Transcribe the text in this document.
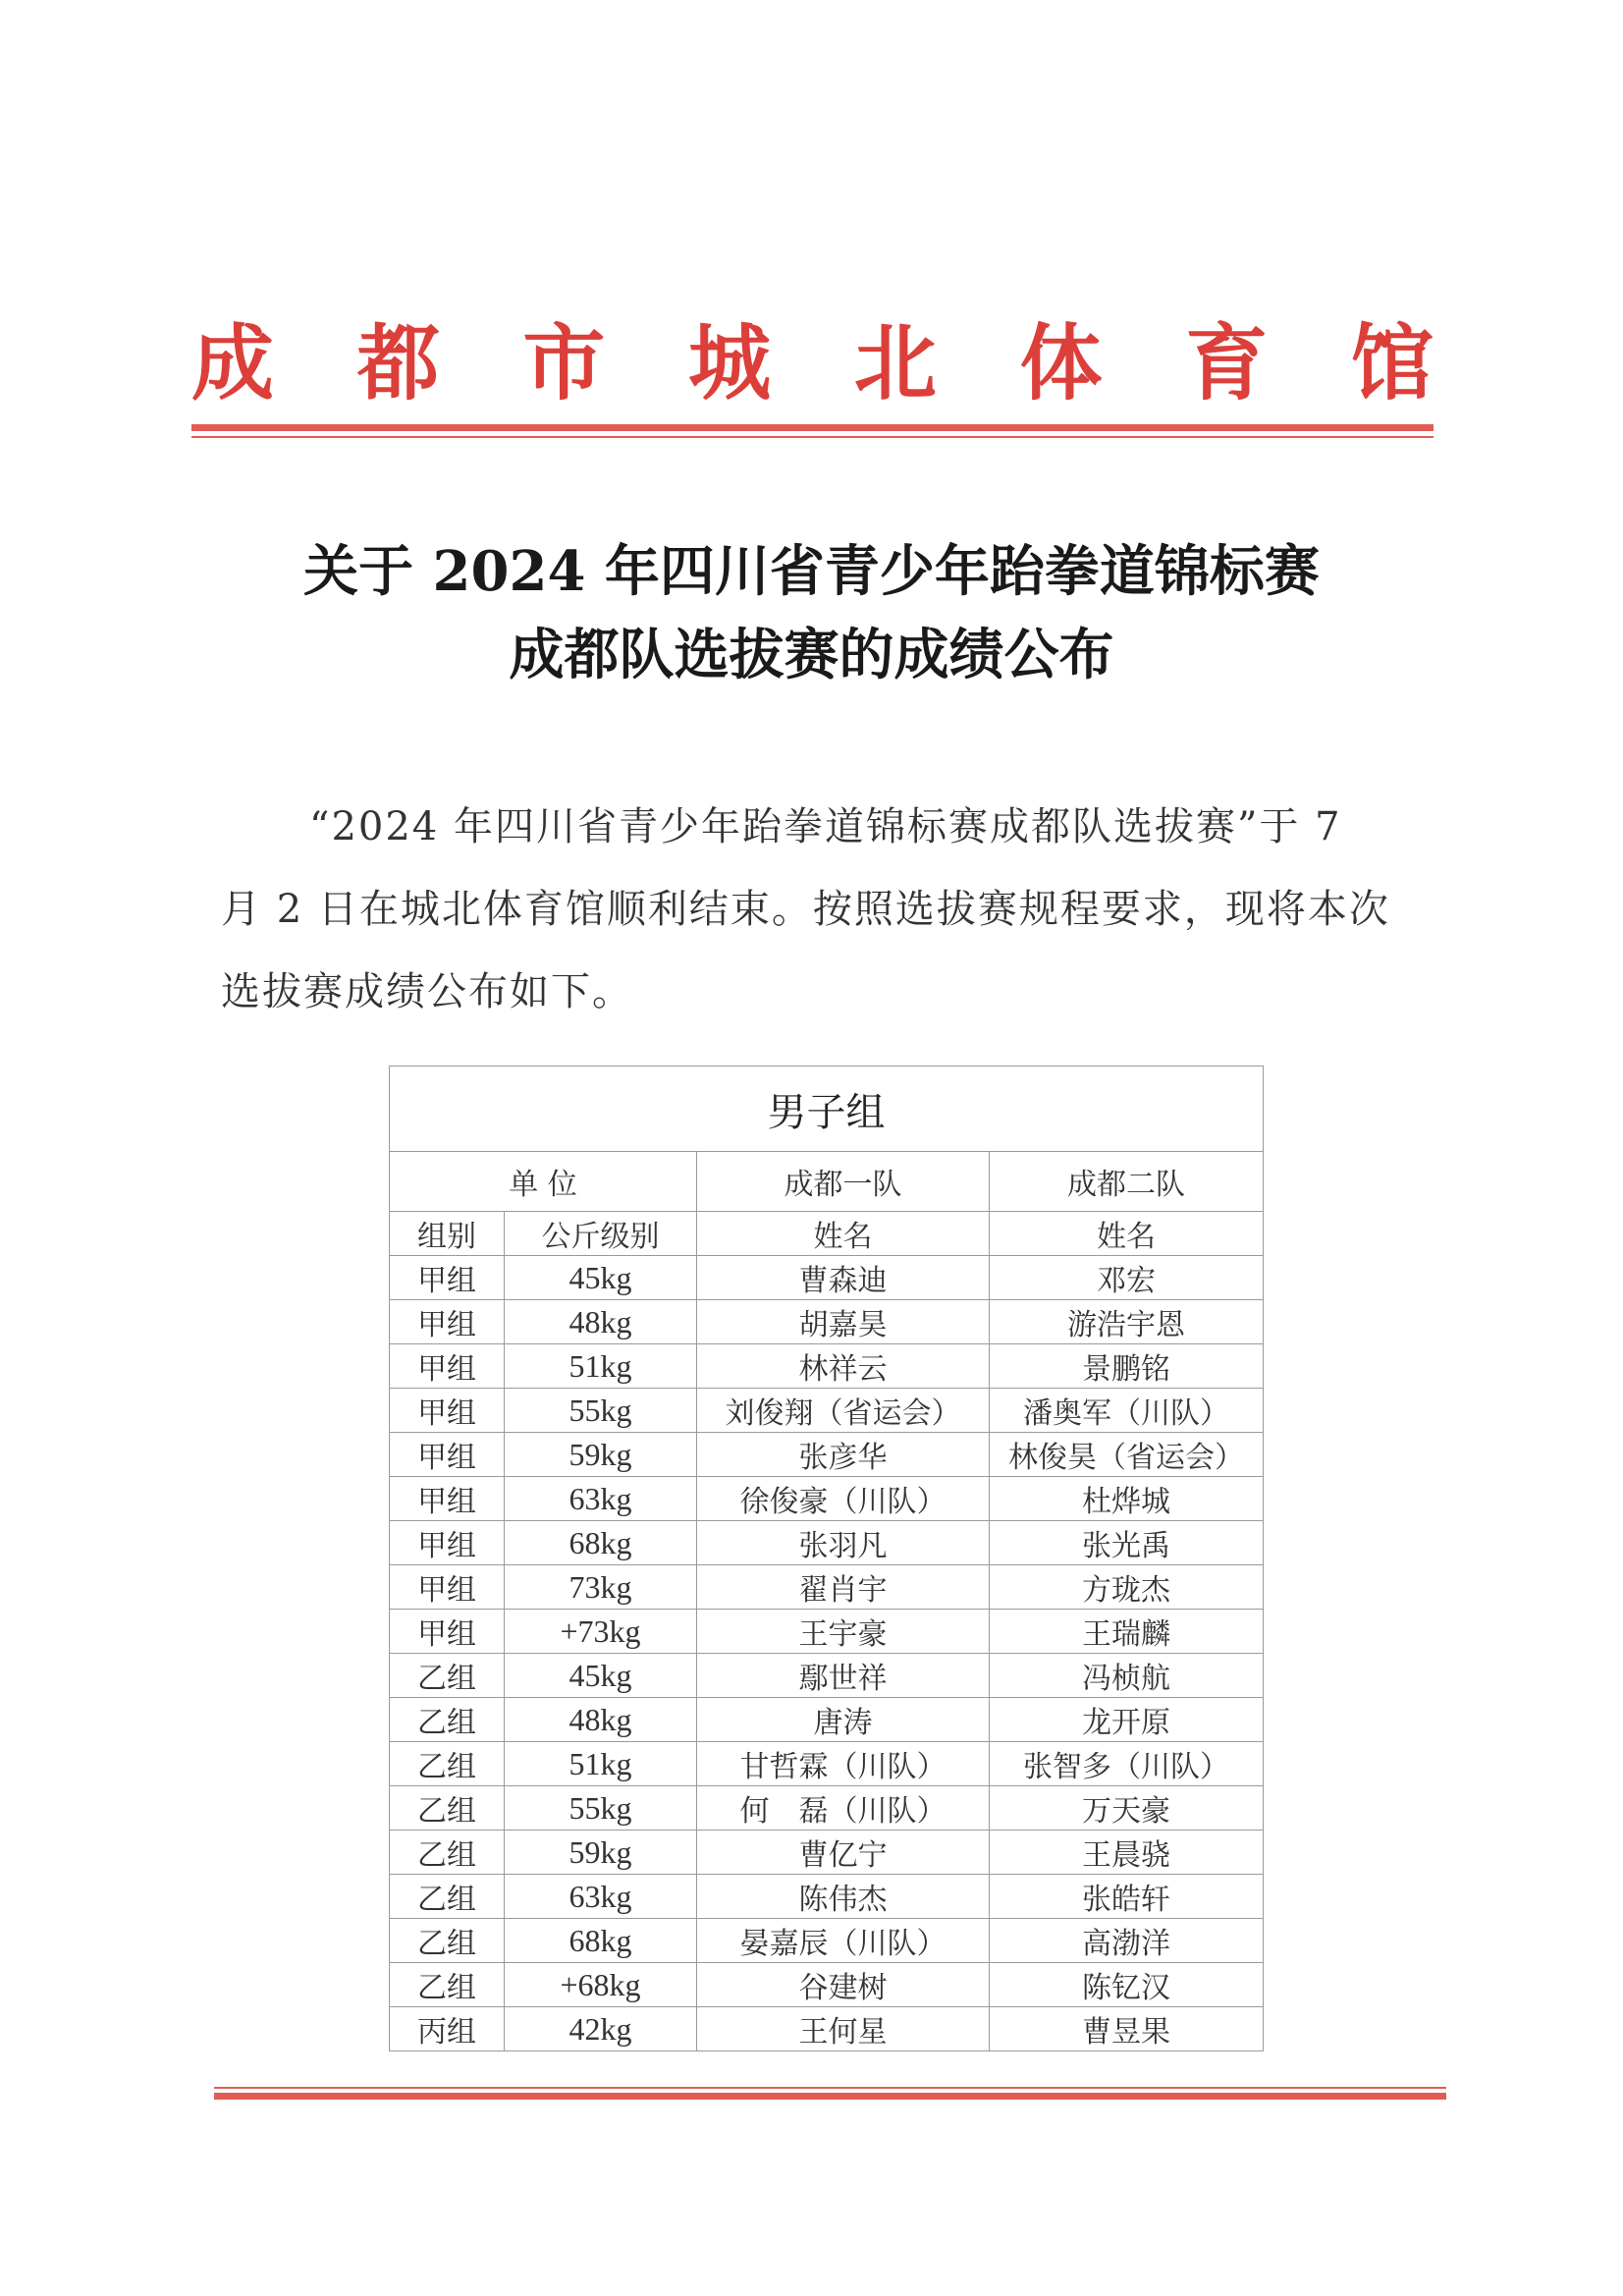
成 都 市 城 北 体 育 馆
关于 2024 年四川省青少年跆拳道锦标赛
成都队选拔赛的成绩公布

“2024 年四川省青少年跆拳道锦标赛成都队选拔赛”于 7

月 2 日在城北体育馆顺利结束。按照选拔赛规程要求，现将本次

选拔赛成绩公布如下。

男子组			
单 位		成都一队	成都二队
组别	公斤级别	姓名	姓名
甲组	45kg	曹森迪	邓宏
甲组	48kg	胡嘉昊	游浩宇恩
甲组	51kg	林祥云	景鹏铭
甲组	55kg	刘俊翔（省运会）	潘奥军（川队）
甲组	59kg	张彦华	林俊昊（省运会）
甲组	63kg	徐俊豪（川队）	杜烨城
甲组	68kg	张羽凡	张光禹
甲组	73kg	翟肖宇	方珑杰
甲组	+73kg	王宇豪	王瑞麟
乙组	45kg	鄢世祥	冯桢航
乙组	48kg	唐涛	龙开原
乙组	51kg	甘哲霖（川队）	张智多（川队）
乙组	55kg	何　磊（川队）	万天豪
乙组	59kg	曹亿宁	王晨骁
乙组	63kg	陈伟杰	张皓轩
乙组	68kg	晏嘉辰（川队）	高渤洋
乙组	+68kg	谷建树	陈钇汉
丙组	42kg	王何星	曹昱果
